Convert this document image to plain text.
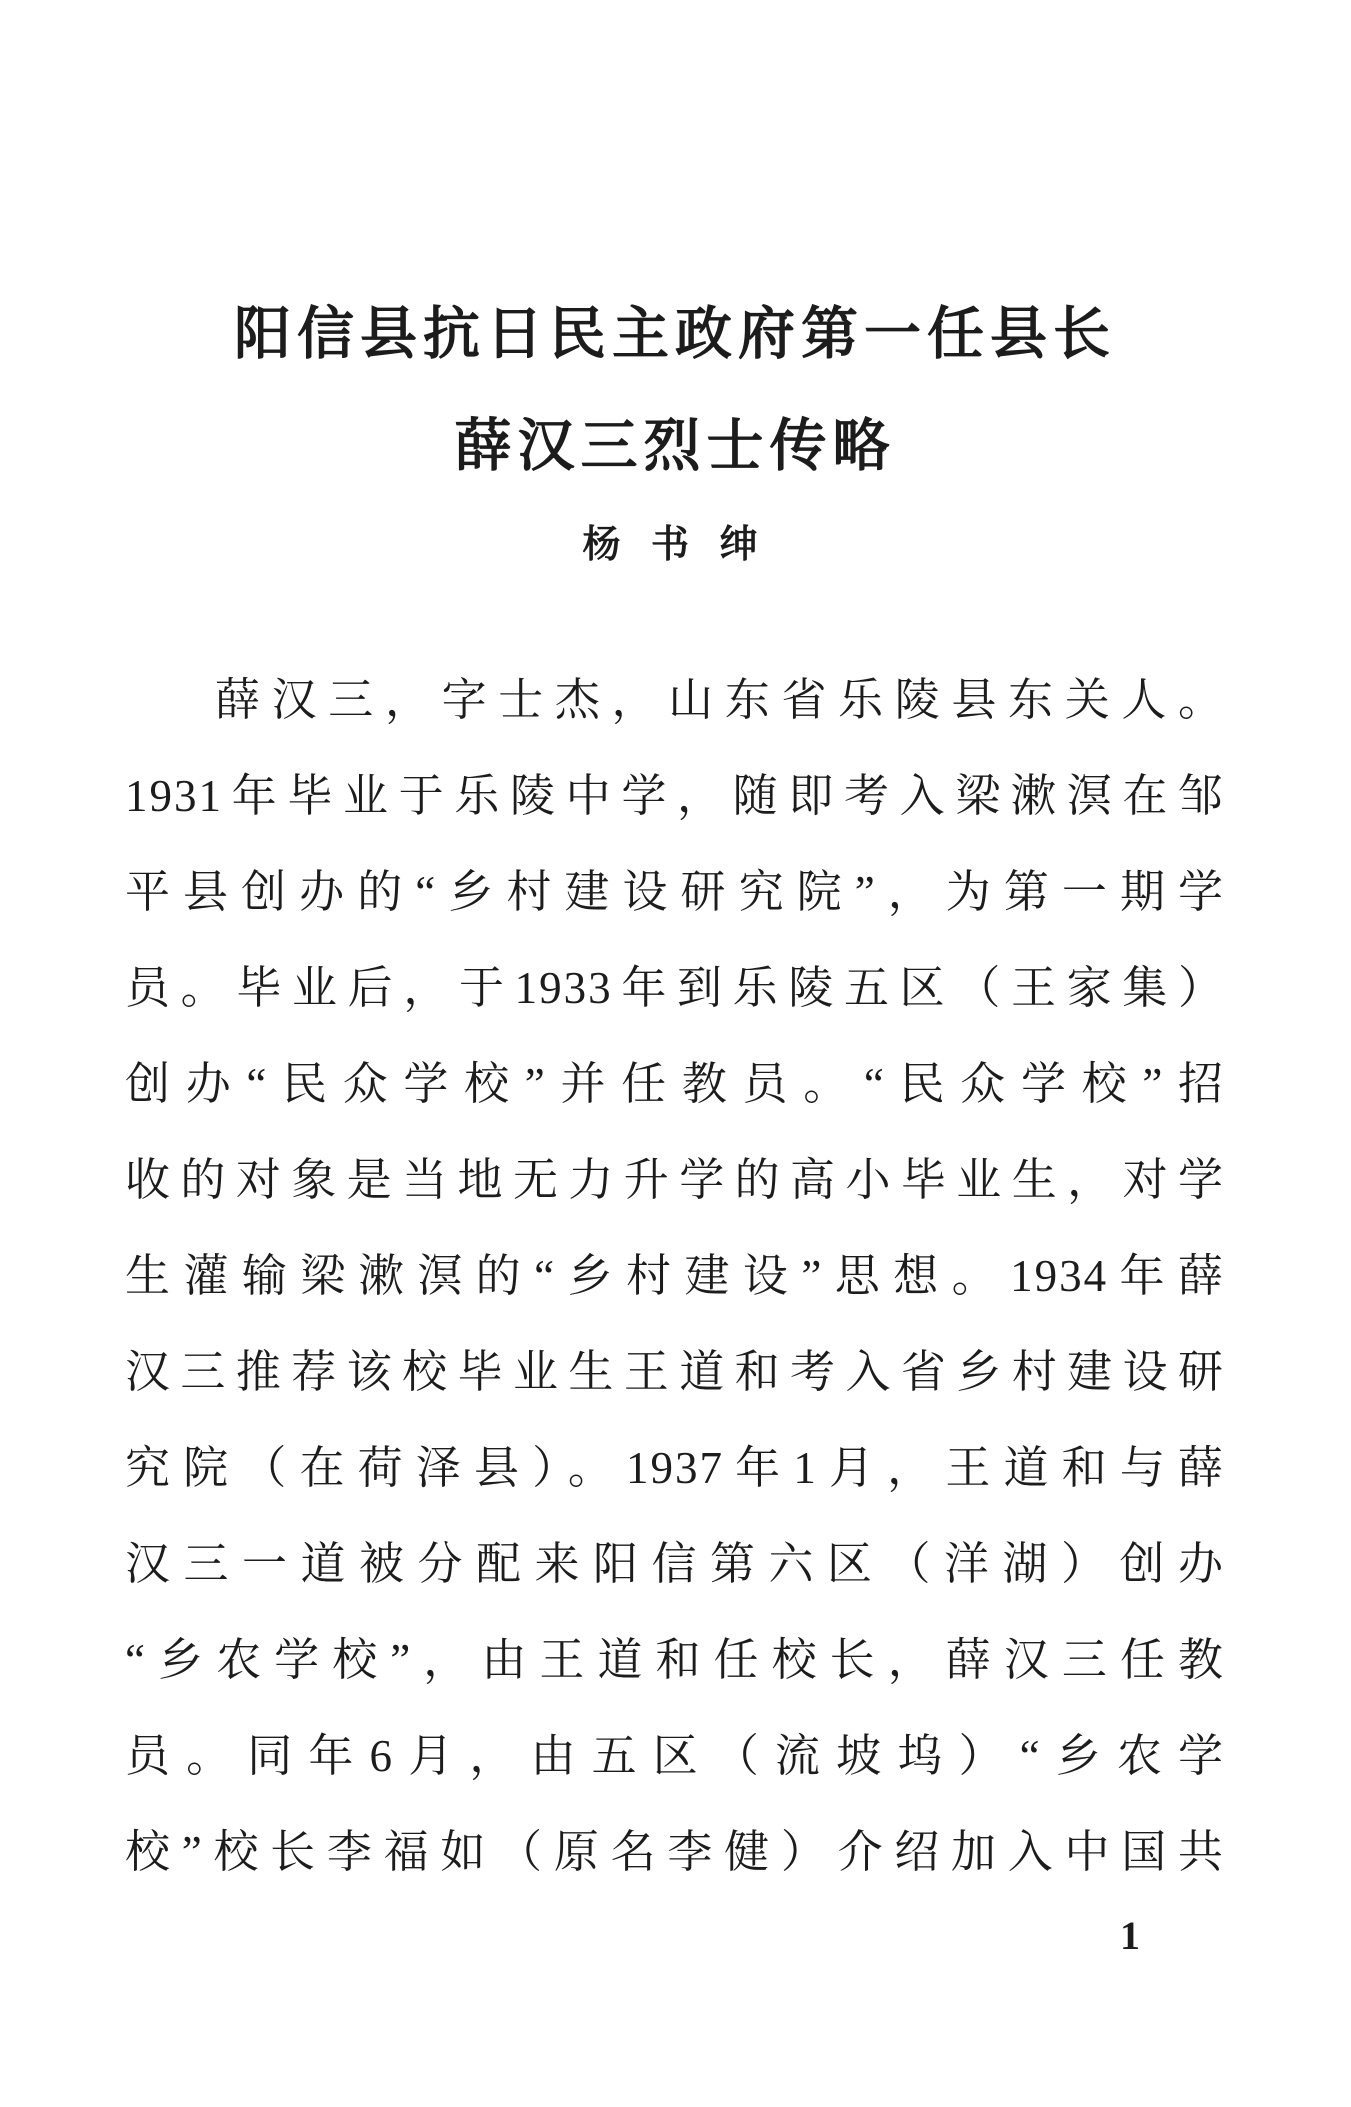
阳信县抗日民主政府第一任县长
薛汉三烈士传略
杨 书 绅
薛汉三，字士杰，山东省乐陵县东关人。
1931年毕业于乐陵中学，随即考入梁漱溟在邹
平县创办的“乡村建设研究院”，为第一期学
员。毕业后，于1933年到乐陵五区（王家集）
创办“民众学校”并任教员。“民众学校”招
收的对象是当地无力升学的高小毕业生，对学
生灌输梁漱溟的“乡村建设”思想。1934年薛
汉三推荐该校毕业生王道和考入省乡村建设研
究院（在荷泽县）。1937年1月，王道和与薛
汉三一道被分配来阳信第六区（洋湖）创办
“乡农学校”，由王道和任校长，薛汉三任教
员。同年6月，由五区（流坡坞）“乡农学
校”校长李福如（原名李健）介绍加入中国共
1
